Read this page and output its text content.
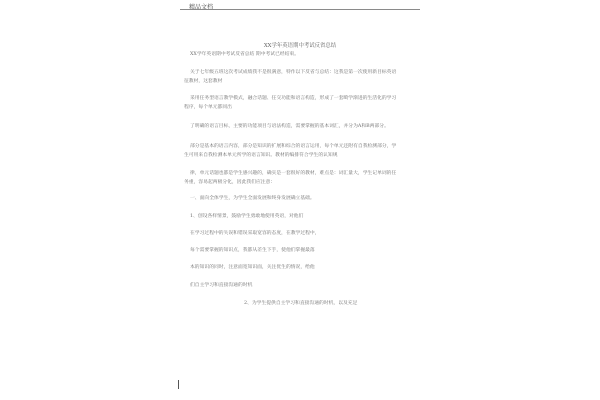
精品文档
XX学年英语期中考试反省总结
XX学年英语期中考试反省总结 期中考试已经结束。
关于七年级五班这次考试成绩我不是很满意，特作以下反省与总结：这我是第一次使用新目标英语
征教材，这套教材
采用任务型语言教学模式，融合话题、任交功能和语言构造，形成了一套畸学渐进的生活化的学习
程序，每个单元都同出
了明确的语言目标，主要的功能项目与语法构造，需要掌握的基本词汇，并分为A和B两部分。
部分是基本的语言内容，部分是知识的扩展和综合的语言运用，每个单元还附有自我检测部分，学
生可用来自我检测本单元所学的语言知识。教材的编排符合学生的认知规
律，单元话题也都是学生感兴趣的，确实是一套很好的教材，难点是：词汇量大，学生记单词的任
务重，容易起两极分化，因此我们应注意：
一、面向全体学生，为学生全面发展和终身发展确立基础。
1、创设各样情景，鼓励学生勇敢地使用英语，对他们
在学习过程中的失误和错误采取宽容的态度，在教学过程中，
每个需要掌握的知识点，我都从差生下手，使他们掌握最落
本的知识的同时，注意面宽知识面，关注优生的情况，给他
们自主学习和直接沟通的时机
2、为学生提供自主学习和直接沟通的时机，以及充足
